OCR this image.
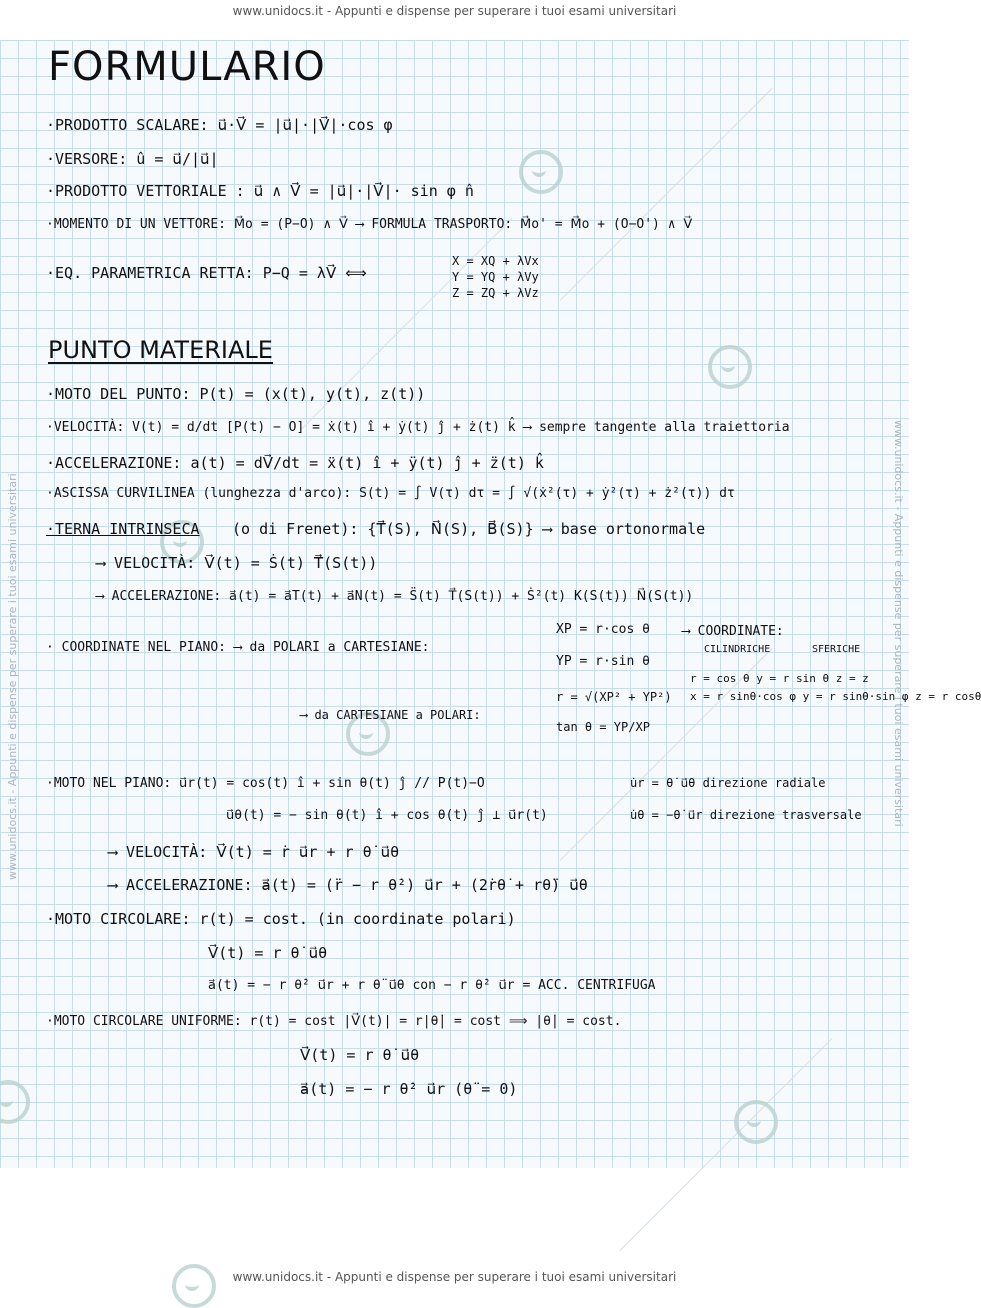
www.unidocs.it - Appunti e dispense per superare i tuoi esami universitari
www.unidocs.it - Appunti e dispense per superare i tuoi esami universitari
www.unidocs.it - Appunti e dispense per superare i tuoi esami universitari	www.unidocs.it - Appunti e dispense per superare i tuoi esami universitari
FORMULARIO
·PRODOTTO SCALARE: u⃗·V⃗ = |u⃗|·|V⃗|·cos φ
·VERSORE: û = u⃗/|u⃗|
·PRODOTTO VETTORIALE : u⃗ ∧ V⃗ = |u⃗|·|V⃗|· sin φ n̂
·MOMENTO DI UN VETTORE: M⃗o = (P−O) ∧ V⃗ ⟶ FORMULA TRASPORTO: M⃗o' = M⃗o + (O−O') ∧ V⃗
·EQ. PARAMETRICA RETTA: P−Q = λV⃗ ⟺
X = XQ + λVx
Y = YQ + λVy
Z = ZQ + λVz
PUNTO MATERIALE
·MOTO DEL PUNTO: P(t) = (x(t), y(t), z(t))
·VELOCITÀ: V(t) = d/dt [P(t) − O] = ẋ(t) î + ẏ(t) ĵ + ż(t) k̂ ⟶ sempre tangente alla traiettoria
·ACCELERAZIONE: a(t) = dV⃗/dt = ẍ(t) î + ÿ(t) ĵ + z̈(t) k̂
·ASCISSA CURVILINEA (lunghezza d'arco): S(t) = ∫ V(τ) dτ = ∫ √(ẋ²(τ) + ẏ²(τ) + ż²(τ)) dτ
·TERNA INTRINSECA (o di Frenet): {T⃗(S), N⃗(S), B⃗(S)} ⟶ base ortonormale
⟶ VELOCITÀ: V⃗(t) = Ṡ(t) T⃗(S(t))
⟶ ACCELERAZIONE: a⃗(t) = a⃗T(t) + a⃗N(t) = S̈(t) T⃗(S(t)) + Ṡ²(t) K(S(t)) N⃗(S(t))
· COORDINATE NEL PIANO: ⟶ da POLARI a CARTESIANE:
XP = r·cos θ
YP = r·sin θ
⟶ COORDINATE:
CILINDRICHE	SFERICHE
⟶ da CARTESIANE a POLARI:
r = √(XP² + YP²)
tan θ = YP/XP
r = cos θ y = r sin θ z = z
x = r sinθ·cos φ y = r sinθ·sin φ z = r cosθ
·MOTO NEL PIANO: u⃗r(t) = cos(t) î + sin θ(t) ĵ // P(t)−O
u⃗θ(t) = − sin θ(t) î + cos θ(t) ĵ ⊥ u⃗r(t)
u̇r = θ̇ u⃗θ direzione radiale
u̇θ = −θ̇ u⃗r direzione trasversale
⟶ VELOCITÀ: V⃗(t) = ṙ u⃗r + r θ̇ u⃗θ
⟶ ACCELERAZIONE: a⃗(t) = (r̈ − r θ̇²) u⃗r + (2ṙθ̇ + rθ̈) u⃗θ
·MOTO CIRCOLARE: r(t) = cost. (in coordinate polari)
V⃗(t) = r θ̇ u⃗θ
a⃗(t) = − r θ̇² u⃗r + r θ̈ u⃗θ con − r θ̇² u⃗r = ACC. CENTRIFUGA
·MOTO CIRCOLARE UNIFORME: r(t) = cost |V⃗(t)| = r|θ̇| = cost ⟹ |θ̇| = cost.
V⃗(t) = r θ̇ u⃗θ
a⃗(t) = − r θ̇² u⃗r (θ̈ = 0)
